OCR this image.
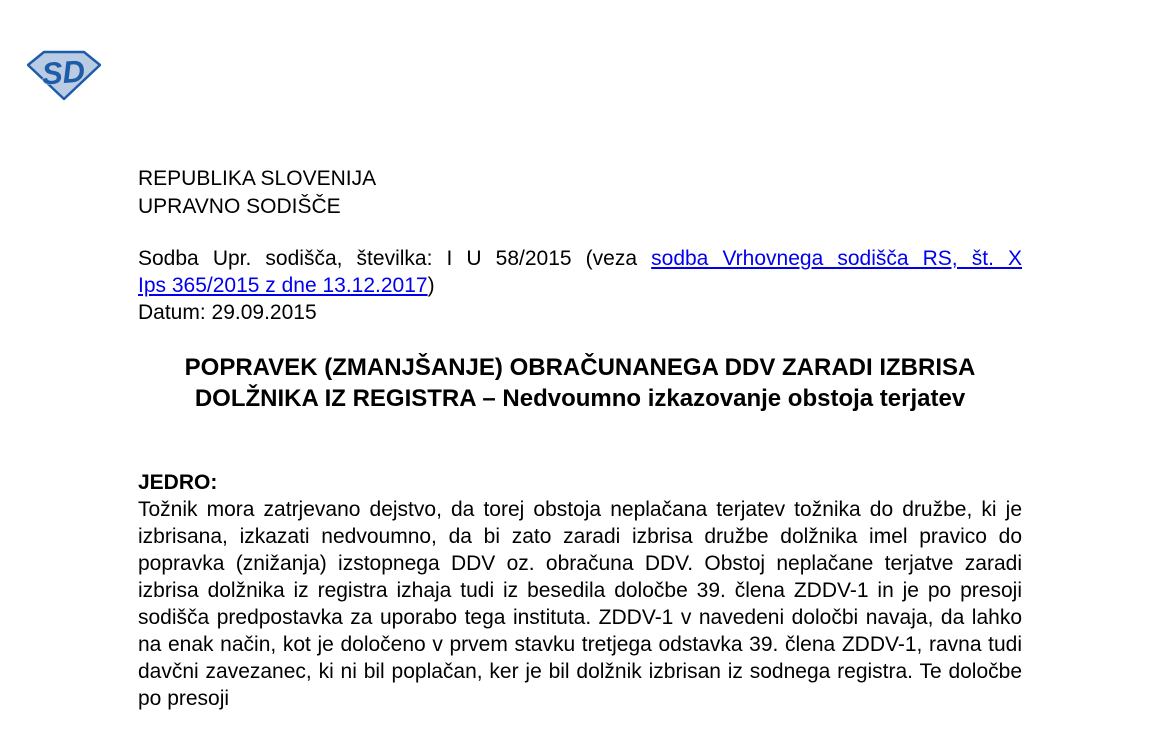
SD
REPUBLIKA SLOVENIJA
UPRAVNO SODIŠČE
Sodba Upr. sodišča, številka: I U 58/2015 (veza sodba Vrhovnega sodišča RS, št. X
Ips 365/2015 z dne 13.12.2017)
Datum: 29.09.2015
POPRAVEK (ZMANJŠANJE) OBRAČUNANEGA DDV ZARADI IZBRISA DOLŽNIKA IZ REGISTRA – Nedvoumno izkazovanje obstoja terjatev
JEDRO:
Tožnik mora zatrjevano dejstvo, da torej obstoja neplačana terjatev tožnika do družbe, ki je izbrisana, izkazati nedvoumno, da bi zato zaradi izbrisa družbe dolžnika imel pravico do popravka (znižanja) izstopnega DDV oz. obračuna DDV. Obstoj neplačane terjatve zaradi izbrisa dolžnika iz registra izhaja tudi iz besedila določbe 39. člena ZDDV-1 in je po presoji sodišča predpostavka za uporabo tega instituta. ZDDV-1 v navedeni določbi navaja, da lahko na enak način, kot je določeno v prvem stavku tretjega odstavka 39. člena ZDDV-1, ravna tudi davčni zavezanec, ki ni bil poplačan, ker je bil dolžnik izbrisan iz sodnega registra. Te določbe po presoji
